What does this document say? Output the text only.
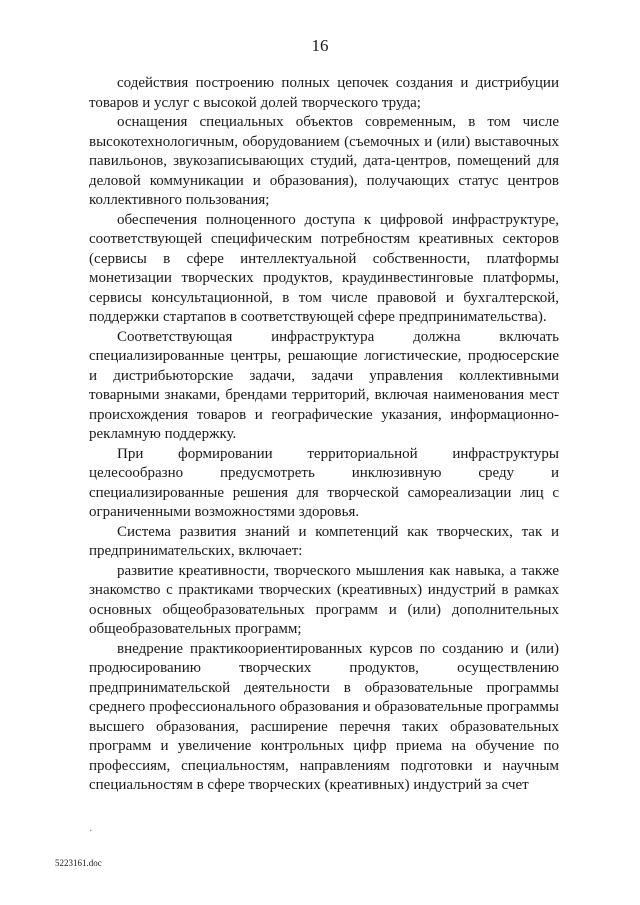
16

содействия построению полных цепочек создания и дистрибуции товаров и услуг с высокой долей творческого труда;

оснащения специальных объектов современным, в том числе высокотехнологичным, оборудованием (съемочных и (или) выставочных павильонов, звукозаписывающих студий, дата-центров, помещений для деловой коммуникации и образования), получающих статус центров коллективного пользования;

обеспечения полноценного доступа к цифровой инфраструктуре, соответствующей специфическим потребностям креативных секторов (сервисы в сфере интеллектуальной собственности, платформы монетизации творческих продуктов, краудинвестинговые платформы, сервисы консультационной, в том числе правовой и бухгалтерской, поддержки стартапов в соответствующей сфере предпринимательства).

Соответствующая инфраструктура должна включать специализированные центры, решающие логистические, продюсерские и дистрибьюторские задачи, задачи управления коллективными товарными знаками, брендами территорий, включая наименования мест происхождения товаров и географические указания, информационно-рекламную поддержку.

При формировании территориальной инфраструктуры целесообразно предусмотреть инклюзивную среду и специализированные решения для творческой самореализации лиц с ограниченными возможностями здоровья.

Система развития знаний и компетенций как творческих, так и предпринимательских, включает:

развитие креативности, творческого мышления как навыка, а также знакомство с практиками творческих (креативных) индустрий в рамках основных общеобразовательных программ и (или) дополнительных общеобразовательных программ;

внедрение практикоориентированных курсов по созданию и (или) продюсированию творческих продуктов, осуществлению предпринимательской деятельности в образовательные программы среднего профессионального образования и образовательные программы высшего образования, расширение перечня таких образовательных программ и увеличение контрольных цифр приема на обучение по профессиям, специальностям, направлениям подготовки и научным специальностям в сфере творческих (креативных) индустрий за счет

·
5223161.doc
